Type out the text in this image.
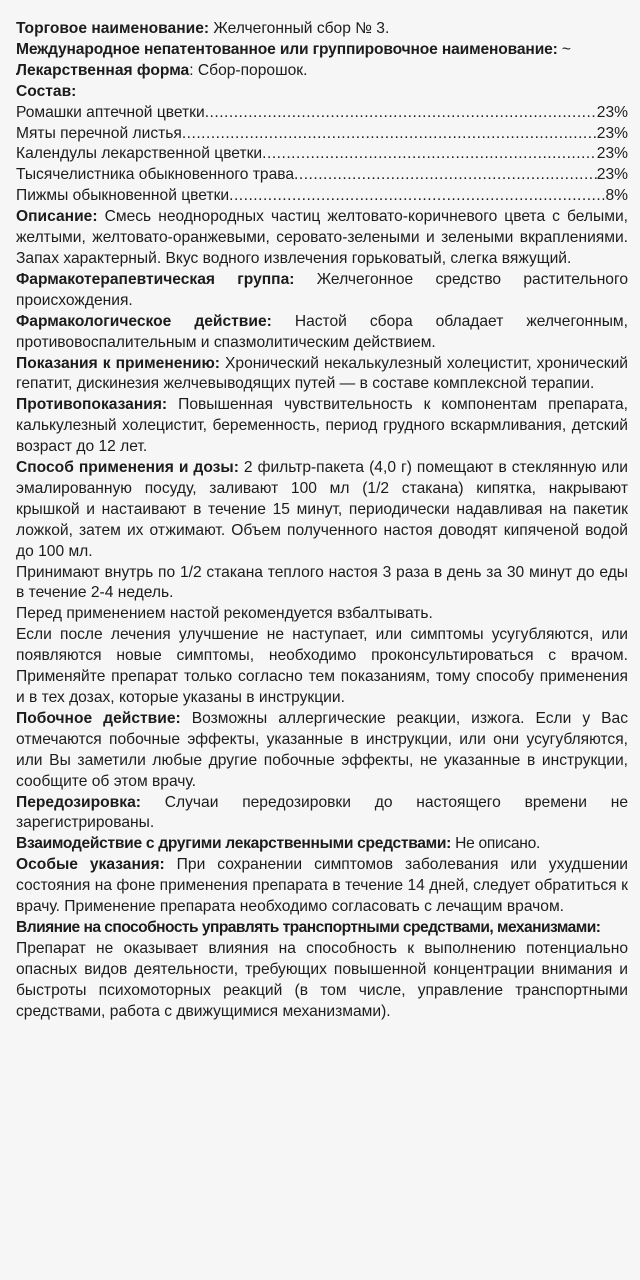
Торговое наименование: Желчегонный сбор № 3.
Международное непатентованное или группировочное наименование: ~
Лекарственная форма: Сбор-порошок.
Состав:
Ромашки аптечной цветки .....	23%
Мяты перечной листья .....	23%
Календулы лекарственной цветки .....	23%
Тысячелистника обыкновенного трава .....	23%
Пижмы обыкновенной цветки .....	8%

Описание: Смесь неоднородных частиц желтовато-коричневого цвета с белыми, желтыми, желтовато-оранжевыми, серовато-зелеными и зелеными вкраплениями. Запах характерный. Вкус водного извлечения горьковатый, слегка вяжущий.

Фармакотерапевтическая группа: Желчегонное средство растительного происхождения.

Фармакологическое действие: Настой сбора обладает желчегонным, противовоспалительным и спазмолитическим действием.

Показания к применению: Хронический некалькулезный холецистит, хронический гепатит, дискинезия желчевыводящих путей — в составе комплексной терапии.

Противопоказания: Повышенная чувствительность к компонентам препарата, калькулезный холецистит, беременность, период грудного вскармливания, детский возраст до 12 лет.

Способ применения и дозы: 2 фильтр-пакета (4,0 г) помещают в стеклянную или эмалированную посуду, заливают 100 мл (1/2 стакана) кипятка, накрывают крышкой и настаивают в течение 15 минут, периодически надавливая на пакетик ложкой, затем их отжимают. Объем полученного настоя доводят кипяченой водой до 100 мл.

Принимают внутрь по 1/2 стакана теплого настоя 3 раза в день за 30 минут до еды в течение 2-4 недель.

Перед применением настой рекомендуется взбалтывать.

Если после лечения улучшение не наступает, или симптомы усугубляются, или появляются новые симптомы, необходимо проконсультироваться с врачом. Применяйте препарат только согласно тем показаниям, тому способу применения и в тех дозах, которые указаны в инструкции.

Побочное действие: Возможны аллергические реакции, изжога. Если у Вас отмечаются побочные эффекты, указанные в инструкции, или они усугубляются, или Вы заметили любые другие побочные эффекты, не указанные в инструкции, сообщите об этом врачу.

Передозировка: Случаи передозировки до настоящего времени не зарегистрированы.

Взаимодействие с другими лекарственными средствами: Не описано.

Особые указания: При сохранении симптомов заболевания или ухудшении состояния на фоне применения препарата в течение 14 дней, следует обратиться к врачу. Применение препарата необходимо согласовать с лечащим врачом.

Влияние на способность управлять транспортными средствами, механизмами:

Препарат не оказывает влияния на способность к выполнению потенциально опасных видов деятельности, требующих повышенной концентрации внимания и быстроты психомоторных реакций (в том числе, управление транспортными средствами, работа с движущимися механизмами).
